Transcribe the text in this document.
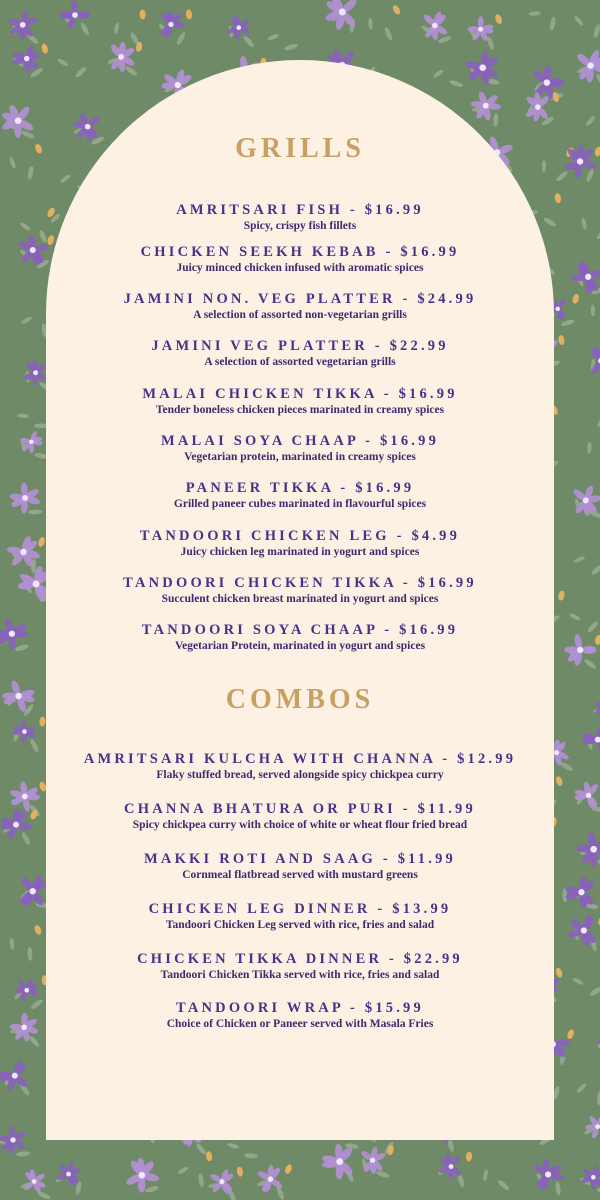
GRILLS
AMRITSARI FISH - $16.99
Spicy, crispy fish fillets
CHICKEN SEEKH KEBAB - $16.99
Juicy minced chicken infused with aromatic spices
JAMINI NON. VEG PLATTER - $24.99
A selection of assorted non-vegetarian grills
JAMINI VEG PLATTER - $22.99
A selection of assorted vegetarian grills
MALAI CHICKEN TIKKA - $16.99
Tender boneless chicken pieces marinated in creamy spices
MALAI SOYA CHAAP - $16.99
Vegetarian protein, marinated in creamy spices
PANEER TIKKA - $16.99
Grilled paneer cubes marinated in flavourful spices
TANDOORI CHICKEN LEG - $4.99
Juicy chicken leg marinated in yogurt and spices
TANDOORI CHICKEN TIKKA - $16.99
Succulent chicken breast marinated in yogurt and spices
TANDOORI SOYA CHAAP - $16.99
Vegetarian Protein, marinated in yogurt and spices
COMBOS
AMRITSARI KULCHA WITH CHANNA - $12.99
Flaky stuffed bread, served alongside spicy chickpea curry
CHANNA BHATURA OR PURI - $11.99
Spicy chickpea curry with choice of white or wheat flour fried bread
MAKKI ROTI AND SAAG - $11.99
Cornmeal flatbread served with mustard greens
CHICKEN LEG DINNER - $13.99
Tandoori Chicken Leg served with rice, fries and salad
CHICKEN TIKKA DINNER - $22.99
Tandoori Chicken Tikka served with rice, fries and salad
TANDOORI WRAP - $15.99
Choice of Chicken or Paneer served with Masala Fries
